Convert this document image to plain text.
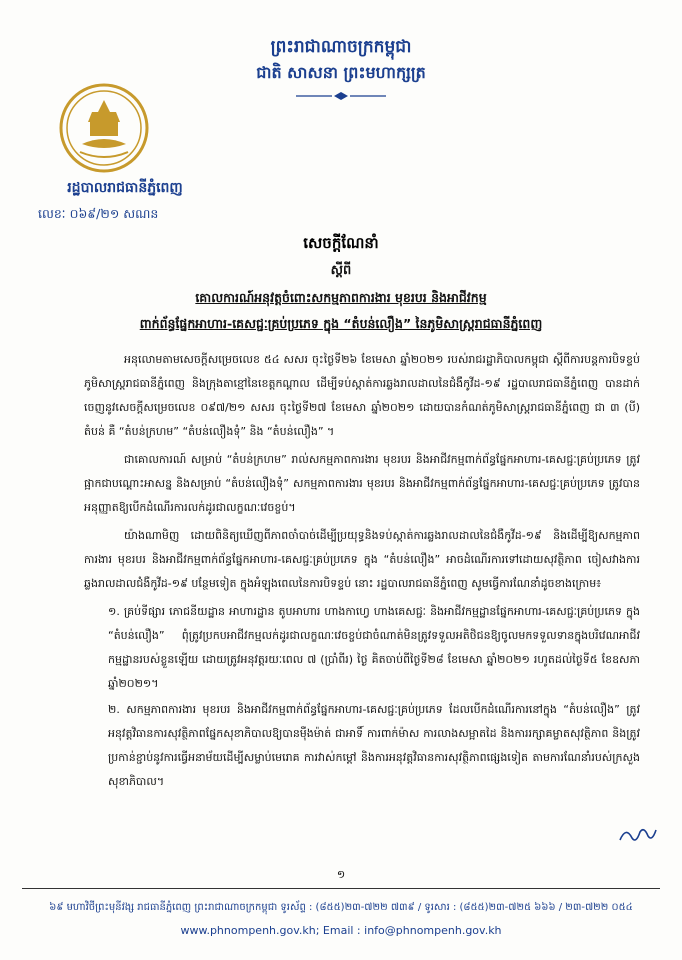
ព្រះរាជាណាចក្រកម្ពុជា
ជាតិ សាសនា ព្រះមហាក្សត្រ
រដ្ឋបាលរាជធានីភ្នំពេញ
លេខៈ ០៦៩/២១ សណន
សេចក្តីណែនាំ
ស្តីពី
គោលការណ៍អនុវត្តចំពោះសកម្មភាពការងារ មុខរបរ និងអាជីវកម្ម
ពាក់ព័ន្ធផ្នែកអាហារ-គេសជ្ជៈគ្រប់ប្រភេទ ក្នុង “តំបន់លឿង” នៃភូមិសាស្ត្ររាជធានីភ្នំពេញ

អនុលោមតាមសេចក្តីសម្រេចលេខ ៥៤ សសរ ចុះថ្ងៃទី២៦ ខែមេសា ឆ្នាំ២០២១ របស់រាជរដ្ឋាភិបាលកម្ពុជា ស្តីពីការបន្តការបិទខ្ទប់ភូមិសាស្ត្ររាជធានីភ្នំពេញ និងក្រុងតាខ្មៅនៃខេត្តកណ្តាល ដើម្បីទប់ស្កាត់ការឆ្លងរាលដាលនៃជំងឺកូវីដ-១៩ រដ្ឋបាលរាជធានីភ្នំពេញ បានដាក់ចេញនូវសេចក្តីសម្រេចលេខ ០៩៧/២១ សសរ ចុះថ្ងៃទី២៧ ខែមេសា ឆ្នាំ២០២១ ដោយបានកំណត់ភូមិសាស្ត្ររាជធានីភ្នំពេញ ជា ៣ (បី) តំបន់ គឺ “តំបន់ក្រហម” “តំបន់លឿងទុំ” និង “តំបន់លឿង” ។

ជាគោលការណ៍ សម្រាប់ “តំបន់ក្រហម” រាល់សកម្មភាពការងារ មុខរបរ និងអាជីវកម្មពាក់ព័ន្ធផ្នែកអាហារ-គេសជ្ជៈគ្រប់ប្រភេទ ត្រូវផ្អាកជាបណ្តោះអាសន្ន និងសម្រាប់ “តំបន់លឿងទុំ” សកម្មភាពការងារ មុខរបរ និងអាជីវកម្មពាក់ព័ន្ធផ្នែកអាហារ-គេសជ្ជៈគ្រប់ប្រភេទ ត្រូវបានអនុញ្ញាតឱ្យបើកដំណើរការលក់ដូរជាលក្ខណៈវេចខ្ចប់។

យ៉ាងណាមិញ ដោយពិនិត្យឃើញពីភាពចាំបាច់ដើម្បីប្រយុទ្ធនិងទប់ស្កាត់ការឆ្លងរាលដាលនៃជំងឺកូវីដ-១៩ និងដើម្បីឱ្យសកម្មភាពការងារ មុខរបរ និងអាជីវកម្មពាក់ព័ន្ធផ្នែកអាហារ-គេសជ្ជៈគ្រប់ប្រភេទ ក្នុង “តំបន់លឿង” អាចដំណើរការទៅដោយសុវត្ថិភាព ចៀសវាងការឆ្លងរាលដាលជំងឺកូវីដ-១៩ បន្ថែមទៀត ក្នុងអំឡុងពេលនៃការបិទខ្ទប់ នោះ រដ្ឋបាលរាជធានីភ្នំពេញ សូមធ្វើការណែនាំដូចខាងក្រោម៖

១. គ្រប់ទីផ្សារ ភោជនីយដ្ឋាន អាហារដ្ឋាន តូបអាហារ ហាងកាហ្វេ ហាងគេសជ្ជៈ និងអាជីវកម្មដ្ឋានផ្នែកអាហារ-គេសជ្ជៈគ្រប់ប្រភេទ ក្នុង “តំបន់លឿង” ពុំត្រូវប្រកបអាជីវកម្មលក់ដូរជាលក្ខណៈវេចខ្ចប់ជាចំណាត់មិនត្រូវទទួលអតិថិជនឱ្យចូលមកទទួលទានក្នុងបរិវេណអាជីវកម្មដ្ឋានរបស់ខ្លួនឡើយ ដោយត្រូវអនុវត្តរយៈពេល ៧ (ប្រាំពីរ) ថ្ងៃ គិតចាប់ពីថ្ងៃទី២៨ ខែមេសា ឆ្នាំ២០២១ រហូតដល់ថ្ងៃទី៥ ខែឧសភា ឆ្នាំ២០២១។
២. សកម្មភាពការងារ មុខរបរ និងអាជីវកម្មពាក់ព័ន្ធផ្នែកអាហារ-គេសជ្ជៈគ្រប់ប្រភេទ ដែលបើកដំណើរការនៅក្នុង “តំបន់លឿង” ត្រូវអនុវត្តវិធានការសុវត្ថិភាពផ្នែកសុខាភិបាលឱ្យបានម៉ឺងម៉ាត់ ជាអាទិ៍ ការពាក់ម៉ាស ការលាងសម្អាតដៃ និងការរក្សាគម្លាតសុវត្ថិភាព និងត្រូវប្រកាន់ខ្ជាប់នូវការធ្វើអនាម័យដើម្បីសម្លាប់មេរោគ ការវាស់កម្តៅ និងការអនុវត្តវិធានការសុវត្ថិភាពផ្សេងទៀត តាមការណែនាំរបស់ក្រសួងសុខាភិបាល។
១
៦៩ មហាវិថីព្រះមុនីវង្ស រាជធានីភ្នំពេញ ព្រះរាជាណាចក្រកម្ពុជា ទូរស័ព្ទ : (៨៥៥)២៣-៧២២ ៧៣៩ / ទូរសារ : (៨៥៥)២៣-៧២៥ ៦៦៦ / ២៣-៧២២ ០៥៤
www.phnompenh.gov.kh; Email : info@phnompenh.gov.kh
